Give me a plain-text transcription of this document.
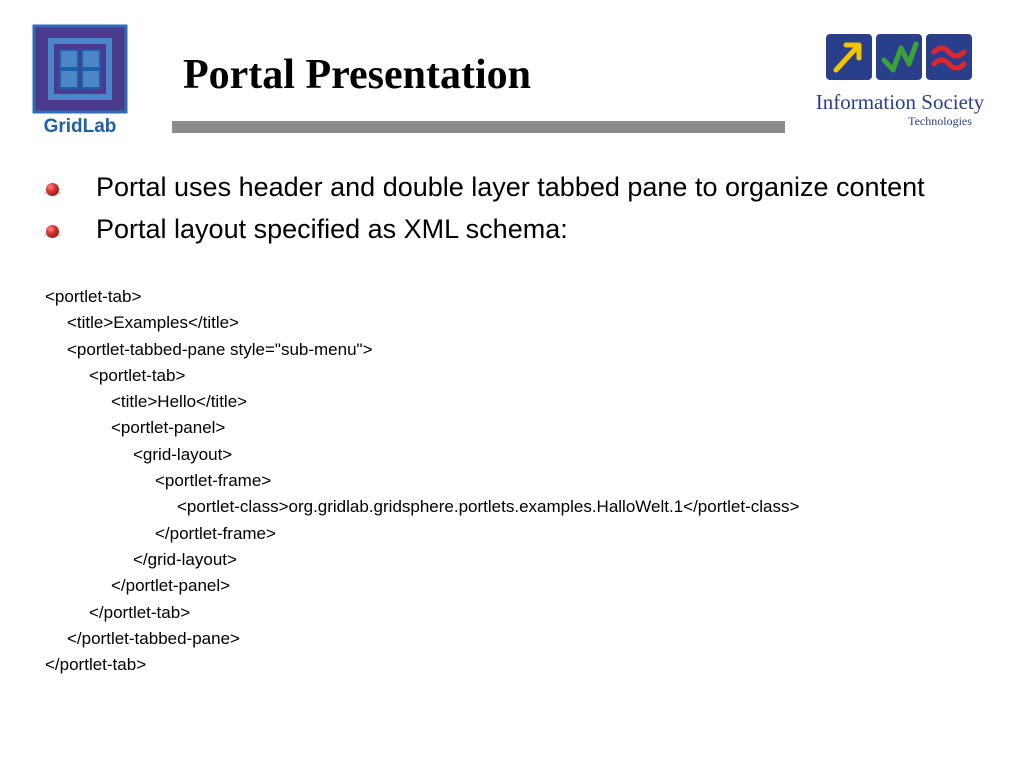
GridLab
Portal Presentation
Information Society
Technologies
Portal uses header and double layer tabbed pane to organize content
Portal layout specified as XML schema:
<portlet-tab>
<title>Examples</title>
<portlet-tabbed-pane style="sub-menu">
<portlet-tab>
<title>Hello</title>
<portlet-panel>
<grid-layout>
<portlet-frame>
<portlet-class>org.gridlab.gridsphere.portlets.examples.HalloWelt.1</portlet-class>
</portlet-frame>
</grid-layout>
</portlet-panel>
</portlet-tab>
</portlet-tabbed-pane>
</portlet-tab>
